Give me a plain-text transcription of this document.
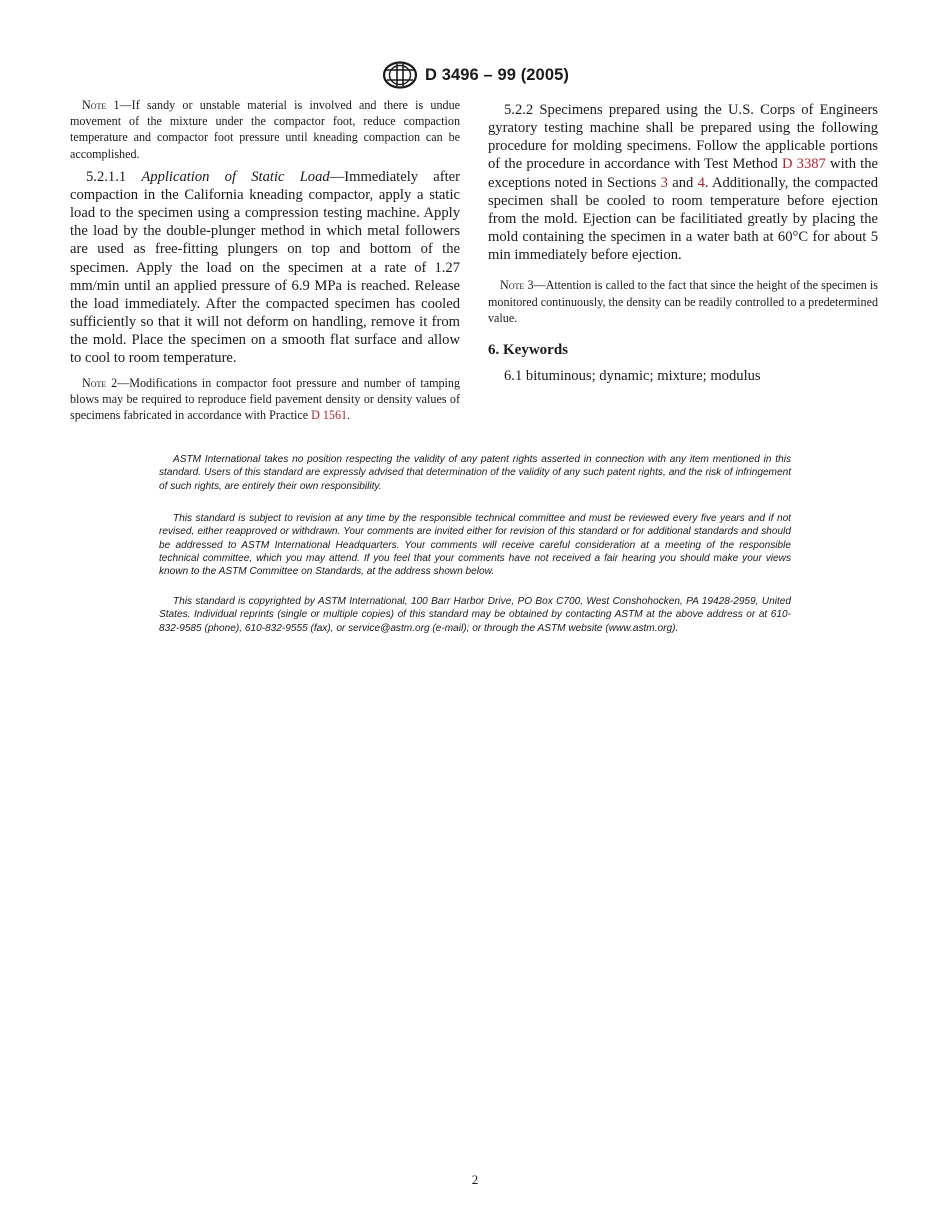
D 3496 – 99 (2005)

Note 1—If sandy or unstable material is involved and there is undue movement of the mixture under the compactor foot, reduce compaction temperature and compactor foot pressure until kneading compaction can be accomplished.

5.2.1.1 Application of Static Load—Immediately after compaction in the California kneading compactor, apply a static load to the specimen using a compression testing machine. Apply the load by the double-plunger method in which metal followers are used as free-fitting plungers on top and bottom of the specimen. Apply the load on the specimen at a rate of 1.27 mm/min until an applied pressure of 6.9 MPa is reached. Release the load immediately. After the compacted specimen has cooled sufficiently so that it will not deform on handling, remove it from the mold. Place the specimen on a smooth flat surface and allow to cool to room temperature.

Note 2—Modifications in compactor foot pressure and number of tamping blows may be required to reproduce field pavement density or density values of specimens fabricated in accordance with Practice D 1561.

5.2.2 Specimens prepared using the U.S. Corps of Engineers gyratory testing machine shall be prepared using the following procedure for molding specimens. Follow the applicable portions of the procedure in accordance with Test Method D 3387 with the exceptions noted in Sections 3 and 4. Additionally, the compacted specimen shall be cooled to room temperature before ejection from the mold. Ejection can be facilitiated greatly by placing the mold containing the specimen in a water bath at 60°C for about 5 min immediately before ejection.

Note 3—Attention is called to the fact that since the height of the specimen is monitored continuously, the density can be readily controlled to a predetermined value.

6. Keywords

6.1 bituminous; dynamic; mixture; modulus

ASTM International takes no position respecting the validity of any patent rights asserted in connection with any item mentioned in this standard. Users of this standard are expressly advised that determination of the validity of any such patent rights, and the risk of infringement of such rights, are entirely their own responsibility.

This standard is subject to revision at any time by the responsible technical committee and must be reviewed every five years and if not revised, either reapproved or withdrawn. Your comments are invited either for revision of this standard or for additional standards and should be addressed to ASTM International Headquarters. Your comments will receive careful consideration at a meeting of the responsible technical committee, which you may attend. If you feel that your comments have not received a fair hearing you should make your views known to the ASTM Committee on Standards, at the address shown below.

This standard is copyrighted by ASTM International, 100 Barr Harbor Drive, PO Box C700, West Conshohocken, PA 19428-2959, United States. Individual reprints (single or multiple copies) of this standard may be obtained by contacting ASTM at the above address or at 610-832-9585 (phone), 610-832-9555 (fax), or service@astm.org (e-mail); or through the ASTM website (www.astm.org).

2
